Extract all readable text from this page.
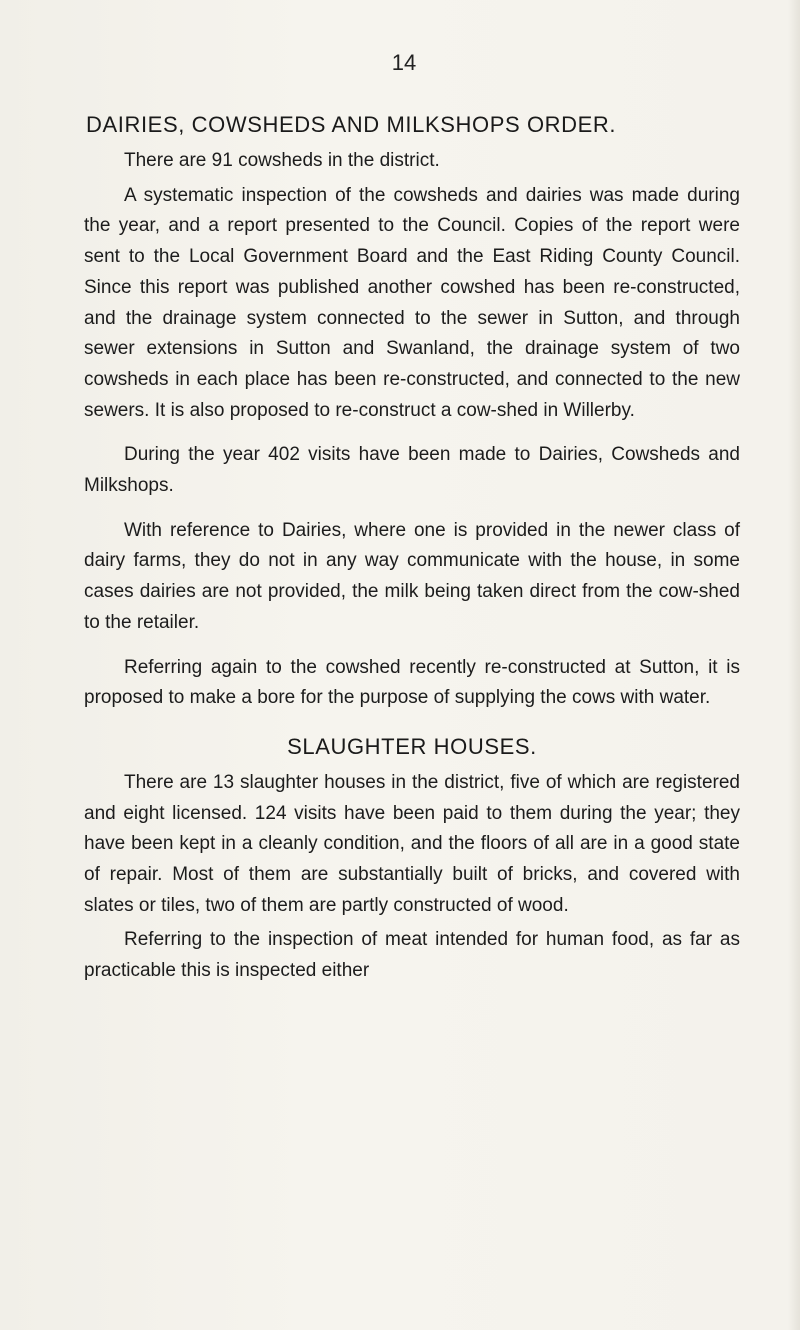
14
DAIRIES, COWSHEDS AND MILKSHOPS ORDER.

There are 91 cowsheds in the district.

A systematic inspection of the cowsheds and dairies was made during the year, and a report presented to the Council. Copies of the report were sent to the Local Government Board and the East Riding County Council. Since this report was published another cowshed has been re-constructed, and the drainage system connected to the sewer in Sutton, and through sewer extensions in Sutton and Swanland, the drainage system of two cowsheds in each place has been re-constructed, and connected to the new sewers. It is also proposed to re-construct a cow-shed in Willerby.

During the year 402 visits have been made to Dairies, Cowsheds and Milkshops.

With reference to Dairies, where one is provided in the newer class of dairy farms, they do not in any way communicate with the house, in some cases dairies are not provided, the milk being taken direct from the cow-shed to the retailer.

Referring again to the cowshed recently re-constructed at Sutton, it is proposed to make a bore for the purpose of supplying the cows with water.

SLAUGHTER HOUSES.

There are 13 slaughter houses in the district, five of which are registered and eight licensed. 124 visits have been paid to them during the year; they have been kept in a cleanly condition, and the floors of all are in a good state of repair. Most of them are substantially built of bricks, and covered with slates or tiles, two of them are partly constructed of wood.

Referring to the inspection of meat intended for human food, as far as practicable this is inspected either
